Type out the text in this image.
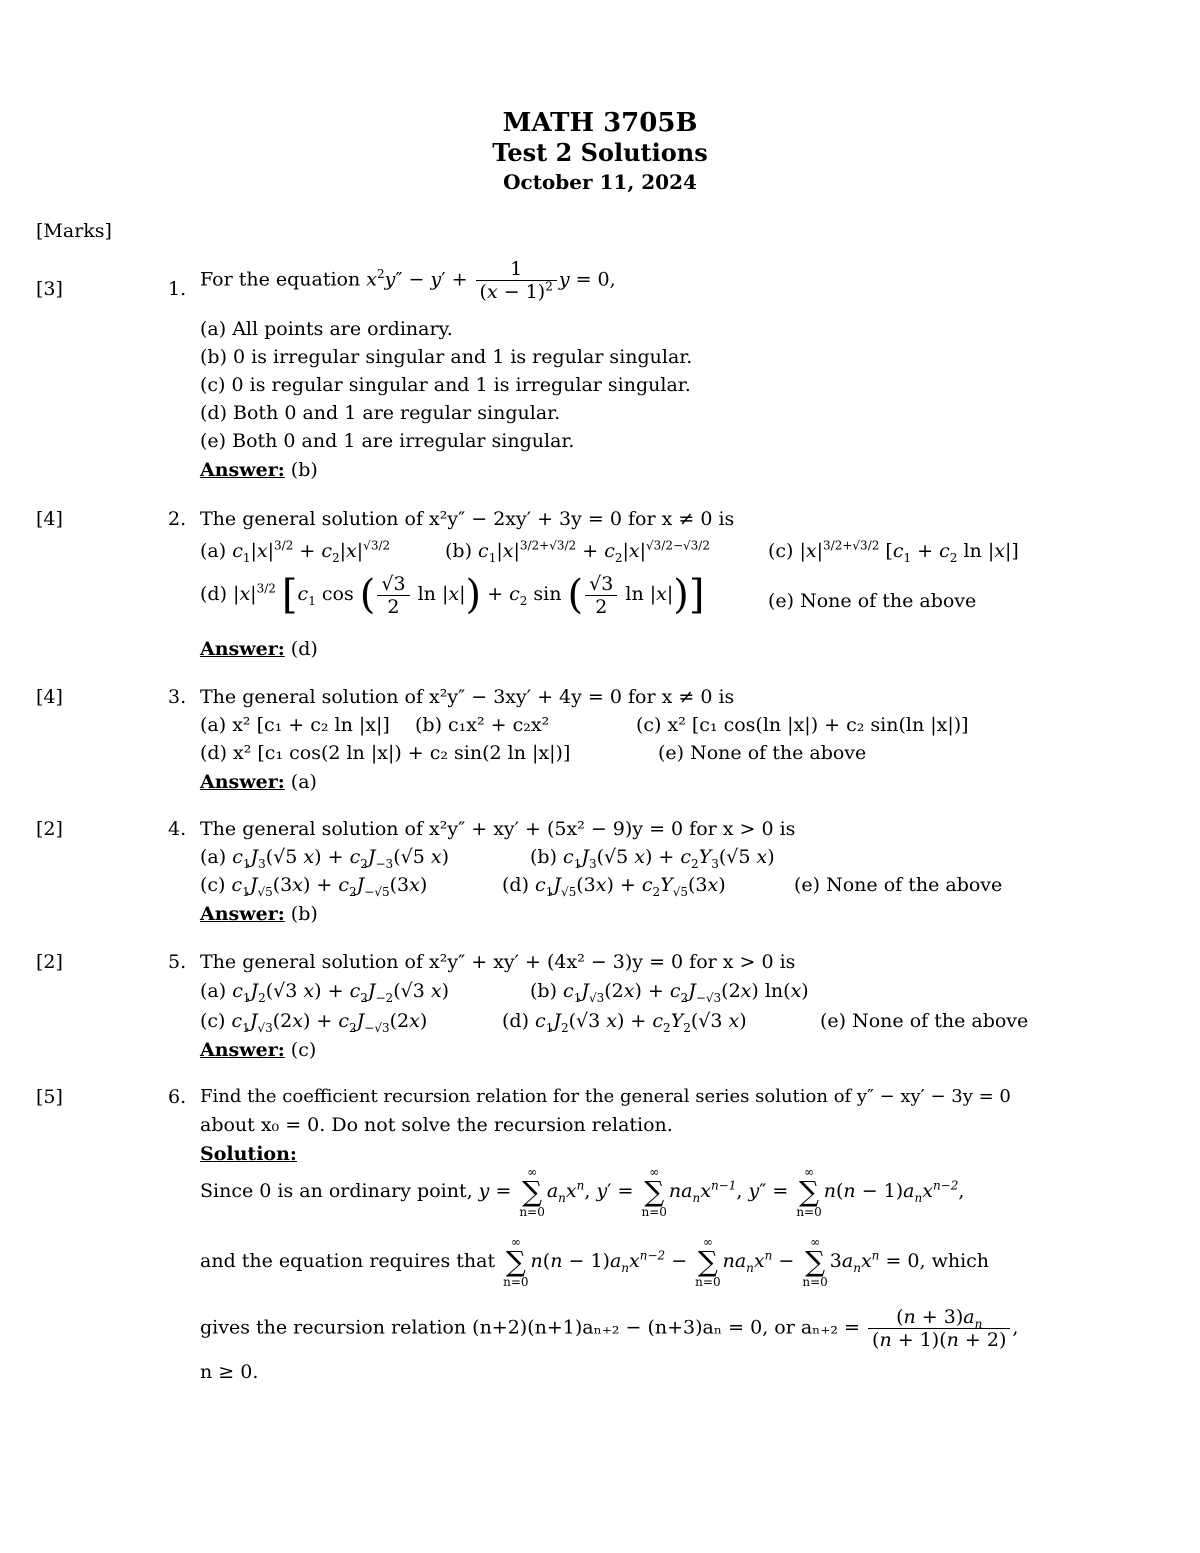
MATH 3705B
Test 2 Solutions
October 11, 2024
[Marks]
[3]	1. For the equation $x^2y'' - y' + \frac{1}{(x - 1)^2}$ y = 0,
(a) All points are ordinary.
(b) 0 is irregular singular and 1 is regular singular.
(c) 0 is regular singular and 1 is irregular singular.
(d) Both 0 and 1 are regular singular.
(e) Both 0 and 1 are irregular singular.
Answer: (b)
[4]	2. The general solution of x²y″ − 2xy′ + 3y = 0 for x ≠ 0 is
(a) $c_1|x|^{3/2} + c_2|x|^{√3/2}$	(b) $c_1|x|^{3/2+√3/2} + c_2|x|^{√3/2-√3/2}$	(c) $|x|^{3/2+√3/2}$ [$c_1 + c_2$ ln |x|]
(d) $|x|^{3/2}$ [$c_1$ cos ( $\frac{√3}{2}$ $\ln |x|) + c_2$ sin ( $\frac{√3}{2}$ ln |x|)]	(e) None of the above
Answer: (d)
[4]	3. The general solution of x²y″ − 3xy′ + 4y = 0 for x ≠ 0 is
(a) x² [c₁ + c₂ ln |x|] (b) c₁x² + c₂x²	(c) x² [c₁ cos(ln |x|) + c₂ sin(ln |x|)]
(d) x² [c₁ cos(2 ln |x|) + c₂ sin(2 ln |x|)]	(e) None of the above
Answer: (a)
[2]	4. The general solution of x²y″ + xy′ + (5x² − 9)y = 0 for x > 0 is
(a) $c_1J_3(√5$ $x) + c_2J_{-3}(√5$ x)	(b) $c_1J_3(√5$ $x) + c_2Y_3(√5$ x)
(c) $c_1J_{√5}(3x) + c_2J_{-√5}(3x)$	(d) $c_1J_{√5}(3x) + c_2Y_{√5}(3x)$	(e) None of the above
Answer: (b)
[2]	5. The general solution of x²y″ + xy′ + (4x² − 3)y = 0 for x > 0 is
(a) $c_1J_2(√3$ $x) + c_2J_{-2}(√3$ x)	(b) $c_1J_{√3}(2x) + c_2J_{-√3}(2x)$ ln(x)
(c) $c_1J_{√3}(2x) + c_2J_{-√3}(2x)$	(d) $c_1J_2(√3$ $x) + c_2Y_2(√3$ x)	(e) None of the above
Answer: (c)
[5]	6. Find the coefficient recursion relation for the general series solution of y″ − xy′ − 3y = 0
about x₀ = 0. Do not solve the recursion relation.
Solution:
Since 0 is an ordinary point, y =
∞
∑
n=0
$a_nx^n$, y′ =
∞
∑
n=0
$na_nx^{n-1}$, y″ =
∞
∑
n=0
$n(n - 1)a_nx^{n-2}$,
and the equation requires that
∞
∑
n=0
$n(n - 1)a_nx^{n-2}$ −
∞
∑
n=0
$na_nx^n$ −
∞
∑
n=0
$3a_nx^n = 0$, which
gives the recursion relation (n+2)(n+1)aₙ₊₂ − (n+3)aₙ = 0, or $a_{n+2} = \frac{(n + 3)a_n}{(n + 1)(n + 2)}$ ,
n ≥ 0.
